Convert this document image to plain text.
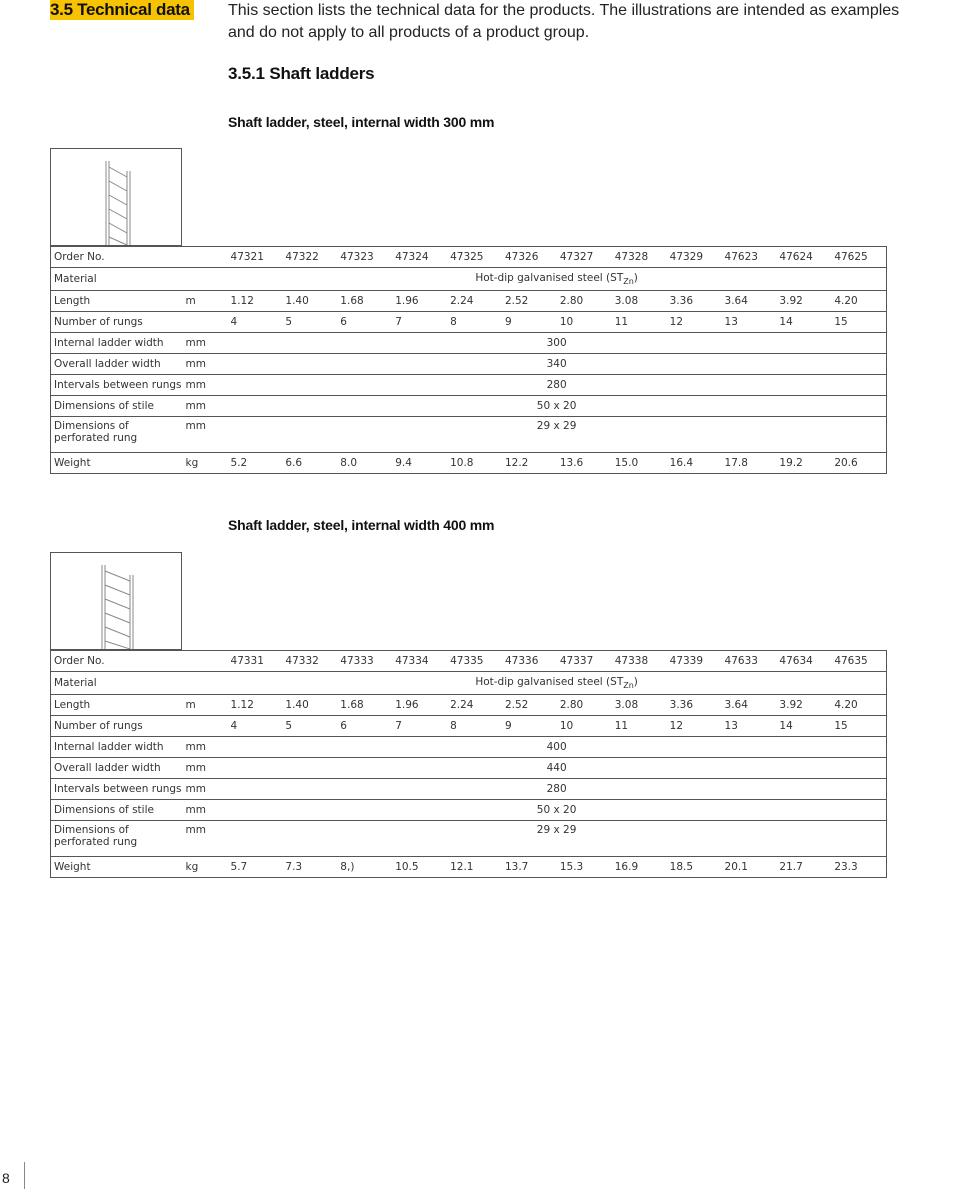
3.5 Technical data This section lists the technical data for the products. The illustrations are intended as examples and do not apply to all products of a product group.
3.5.1 Shaft ladders
Shaft ladder, steel, internal width 300 mm
Order No.		47321	47322	47323	47324	47325	47326	47327	47328	47329	47623	47624	47625
Material		Hot-dip galvanised steel $(ST_{Zn})$											
Length	m	1.12	1.40	1.68	1.96	2.24	2.52	2.80	3.08	3.36	3.64	3.92	4.20
Number of rungs		4	5	6	7	8	9	10	11	12	13	14	15
Internal ladder width	mm	300											
Overall ladder width	mm	340											
Intervals between rungs	mm	280											
Dimensions of stile	mm	50 x 20											
Dimensions of
perforated rung	mm	29 x 29											
Weight	kg	5.2	6.6	8.0	9.4	10.8	12.2	13.6	15.0	16.4	17.8	19.2	20.6
Shaft ladder, steel, internal width 400 mm
Order No.		47331	47332	47333	47334	47335	47336	47337	47338	47339	47633	47634	47635
Material		Hot-dip galvanised steel $(ST_{Zn})$											
Length	m	1.12	1.40	1.68	1.96	2.24	2.52	2.80	3.08	3.36	3.64	3.92	4.20
Number of rungs		4	5	6	7	8	9	10	11	12	13	14	15
Internal ladder width	mm	400											
Overall ladder width	mm	440											
Intervals between rungs	mm	280											
Dimensions of stile	mm	50 x 20											
Dimensions of
perforated rung	mm	29 x 29											
Weight	kg	5.7	7.3	8,)	10.5	12.1	13.7	15.3	16.9	18.5	20.1	21.7	23.3
8
